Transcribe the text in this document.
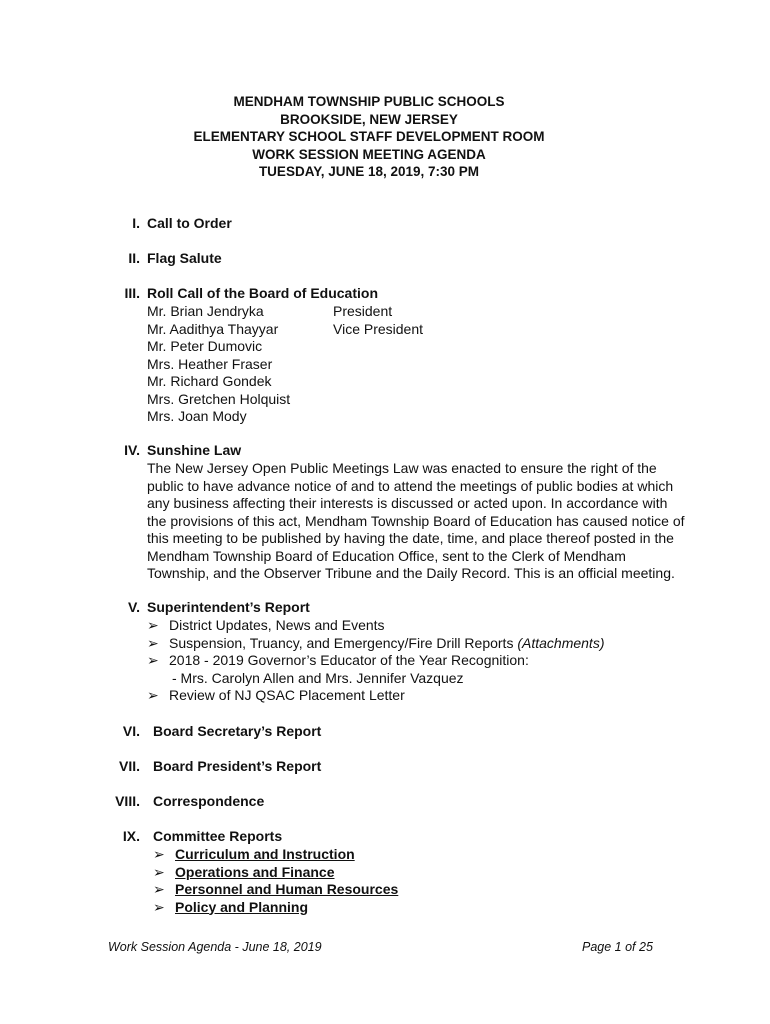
MENDHAM TOWNSHIP PUBLIC SCHOOLS
BROOKSIDE, NEW JERSEY
ELEMENTARY SCHOOL STAFF DEVELOPMENT ROOM
WORK SESSION MEETING AGENDA
TUESDAY, JUNE 18, 2019, 7:30 PM
I. Call to Order
II. Flag Salute
III. Roll Call of the Board of Education
Mr. Brian Jendryka	President
Mr. Aadithya Thayyar	Vice President
Mr. Peter Dumovic
Mrs. Heather Fraser
Mr. Richard Gondek
Mrs. Gretchen Holquist
Mrs. Joan Mody
IV. Sunshine Law
The New Jersey Open Public Meetings Law was enacted to ensure the right of the
public to have advance notice of and to attend the meetings of public bodies at which
any business affecting their interests is discussed or acted upon. In accordance with
the provisions of this act, Mendham Township Board of Education has caused notice of
this meeting to be published by having the date, time, and place thereof posted in the
Mendham Township Board of Education Office, sent to the Clerk of Mendham
Township, and the Observer Tribune and the Daily Record. This is an official meeting.
V. Superintendent’s Report
➢ District Updates, News and Events
➢ Suspension, Truancy, and Emergency/Fire Drill Reports (Attachments)
➢ 2018 - 2019 Governor’s Educator of the Year Recognition:
- Mrs. Carolyn Allen and Mrs. Jennifer Vazquez
➢ Review of NJ QSAC Placement Letter
VI. Board Secretary’s Report
VII. Board President’s Report
VIII. Correspondence
IX. Committee Reports
➢ Curriculum and Instruction
➢ Operations and Finance
➢ Personnel and Human Resources
➢ Policy and Planning
Work Session Agenda - June 18, 2019	Page 1 of 25
